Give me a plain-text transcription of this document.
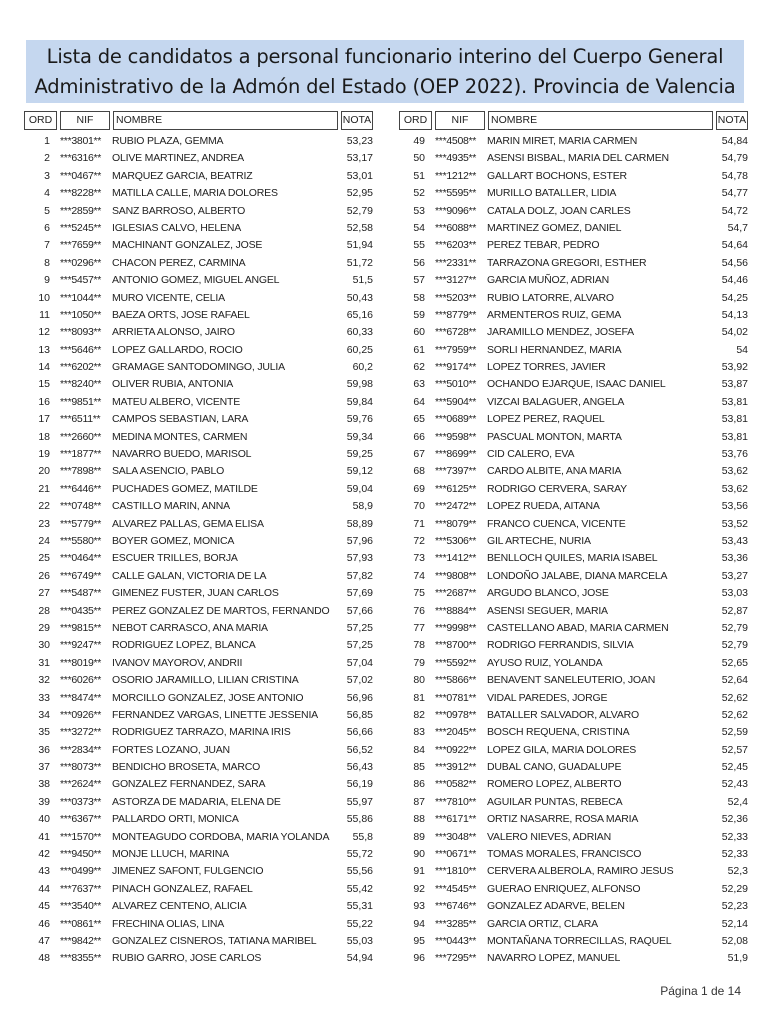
Lista de candidatos a personal funcionario interino del Cuerpo General
Administrativo de la Admón del Estado (OEP 2022). Provincia de Valencia
ORD	NIF	NOMBRE	NOTA
1 ***3801**	RUBIO PLAZA, GEMMA	53,23
2 ***6316**	OLIVE MARTINEZ, ANDREA	53,17
3 ***0467**	MARQUEZ GARCIA, BEATRIZ	53,01
4 ***8228**	MATILLA CALLE, MARIA DOLORES	52,95
5 ***2859**	SANZ BARROSO, ALBERTO	52,79
6 ***5245**	IGLESIAS CALVO, HELENA	52,58
7 ***7659**	MACHINANT GONZALEZ, JOSE	51,94
8 ***0296**	CHACON PEREZ, CARMINA	51,72
9 ***5457**	ANTONIO GOMEZ, MIGUEL ANGEL	51,5
10 ***1044**	MURO VICENTE, CELIA	50,43
11 ***1050**	BAEZA ORTS, JOSE RAFAEL	65,16
12 ***8093**	ARRIETA ALONSO, JAIRO	60,33
13 ***5646**	LOPEZ GALLARDO, ROCIO	60,25
14 ***6202**	GRAMAGE SANTODOMINGO, JULIA	60,2
15 ***8240**	OLIVER RUBIA, ANTONIA	59,98
16 ***9851**	MATEU ALBERO, VICENTE	59,84
17 ***6511**	CAMPOS SEBASTIAN, LARA	59,76
18 ***2660**	MEDINA MONTES, CARMEN	59,34
19 ***1877**	NAVARRO BUEDO, MARISOL	59,25
20 ***7898**	SALA ASENCIO, PABLO	59,12
21 ***6446**	PUCHADES GOMEZ, MATILDE	59,04
22 ***0748**	CASTILLO MARIN, ANNA	58,9
23 ***5779**	ALVAREZ PALLAS, GEMA ELISA	58,89
24 ***5580**	BOYER GOMEZ, MONICA	57,96
25 ***0464**	ESCUER TRILLES, BORJA	57,93
26 ***6749**	CALLE GALAN, VICTORIA DE LA	57,82
27 ***5487**	GIMENEZ FUSTER, JUAN CARLOS	57,69
28 ***0435**	PEREZ GONZALEZ DE MARTOS, FERNANDO	57,66
29 ***9815**	NEBOT CARRASCO, ANA MARIA	57,25
30 ***9247**	RODRIGUEZ LOPEZ, BLANCA	57,25
31 ***8019**	IVANOV MAYOROV, ANDRII	57,04
32 ***6026**	OSORIO JARAMILLO, LILIAN CRISTINA	57,02
33 ***8474**	MORCILLO GONZALEZ, JOSE ANTONIO	56,96
34 ***0926**	FERNANDEZ VARGAS, LINETTE JESSENIA	56,85
35 ***3272**	RODRIGUEZ TARRAZO, MARINA IRIS	56,66
36 ***2834**	FORTES LOZANO, JUAN	56,52
37 ***8073**	BENDICHO BROSETA, MARCO	56,43
38 ***2624**	GONZALEZ FERNANDEZ, SARA	56,19
39 ***0373**	ASTORZA DE MADARIA, ELENA DE	55,97
40 ***6367**	PALLARDO ORTI, MONICA	55,86
41 ***1570**	MONTEAGUDO CORDOBA, MARIA YOLANDA	55,8
42 ***9450**	MONJE LLUCH, MARINA	55,72
43 ***0499**	JIMENEZ SAFONT, FULGENCIO	55,56
44 ***7637**	PINACH GONZALEZ, RAFAEL	55,42
45 ***3540**	ALVAREZ CENTENO, ALICIA	55,31
46 ***0861**	FRECHINA OLIAS, LINA	55,22
47 ***9842**	GONZALEZ CISNEROS, TATIANA MARIBEL	55,03
48 ***8355**	RUBIO GARRO, JOSE CARLOS	54,94
ORD	NIF	NOMBRE	NOTA
49 ***4508**	MARIN MIRET, MARIA CARMEN	54,84
50 ***4935**	ASENSI BISBAL, MARIA DEL CARMEN	54,79
51 ***1212**	GALLART BOCHONS, ESTER	54,78
52 ***5595**	MURILLO BATALLER, LIDIA	54,77
53 ***9096**	CATALA DOLZ, JOAN CARLES	54,72
54 ***6088**	MARTINEZ GOMEZ, DANIEL	54,7
55 ***6203**	PEREZ TEBAR, PEDRO	54,64
56 ***2331**	TARRAZONA GREGORI, ESTHER	54,56
57 ***3127**	GARCIA MUÑOZ, ADRIAN	54,46
58 ***5203**	RUBIO LATORRE, ALVARO	54,25
59 ***8779**	ARMENTEROS RUIZ, GEMA	54,13
60 ***6728**	JARAMILLO MENDEZ, JOSEFA	54,02
61 ***7959**	SORLI HERNANDEZ, MARIA	54
62 ***9174**	LOPEZ TORRES, JAVIER	53,92
63 ***5010**	OCHANDO EJARQUE, ISAAC DANIEL	53,87
64 ***5904**	VIZCAI BALAGUER, ANGELA	53,81
65 ***0689**	LOPEZ PEREZ, RAQUEL	53,81
66 ***9598**	PASCUAL MONTON, MARTA	53,81
67 ***8699**	CID CALERO, EVA	53,76
68 ***7397**	CARDO ALBITE, ANA MARIA	53,62
69 ***6125**	RODRIGO CERVERA, SARAY	53,62
70 ***2472**	LOPEZ RUEDA, AITANA	53,56
71 ***8079**	FRANCO CUENCA, VICENTE	53,52
72 ***5306**	GIL ARTECHE, NURIA	53,43
73 ***1412**	BENLLOCH QUILES, MARIA ISABEL	53,36
74 ***9808**	LONDOÑO JALABE, DIANA MARCELA	53,27
75 ***2687**	ARGUDO BLANCO, JOSE	53,03
76 ***8884**	ASENSI SEGUER, MARIA	52,87
77 ***9998**	CASTELLANO ABAD, MARIA CARMEN	52,79
78 ***8700**	RODRIGO FERRANDIS, SILVIA	52,79
79 ***5592**	AYUSO RUIZ, YOLANDA	52,65
80 ***5866**	BENAVENT SANELEUTERIO, JOAN	52,64
81 ***0781**	VIDAL PAREDES, JORGE	52,62
82 ***0978**	BATALLER SALVADOR, ALVARO	52,62
83 ***2045**	BOSCH REQUENA, CRISTINA	52,59
84 ***0922**	LOPEZ GILA, MARIA DOLORES	52,57
85 ***3912**	DUBAL CANO, GUADALUPE	52,45
86 ***0582**	ROMERO LOPEZ, ALBERTO	52,43
87 ***7810**	AGUILAR PUNTAS, REBECA	52,4
88 ***6171**	ORTIZ NASARRE, ROSA MARIA	52,36
89 ***3048**	VALERO NIEVES, ADRIAN	52,33
90 ***0671**	TOMAS MORALES, FRANCISCO	52,33
91 ***1810**	CERVERA ALBEROLA, RAMIRO JESUS	52,3
92 ***4545**	GUERAO ENRIQUEZ, ALFONSO	52,29
93 ***6746**	GONZALEZ ADARVE, BELEN	52,23
94 ***3285**	GARCIA ORTIZ, CLARA	52,14
95 ***0443**	MONTAÑANA TORRECILLAS, RAQUEL	52,08
96 ***7295**	NAVARRO LOPEZ, MANUEL	51,9
Página 1 de 14
